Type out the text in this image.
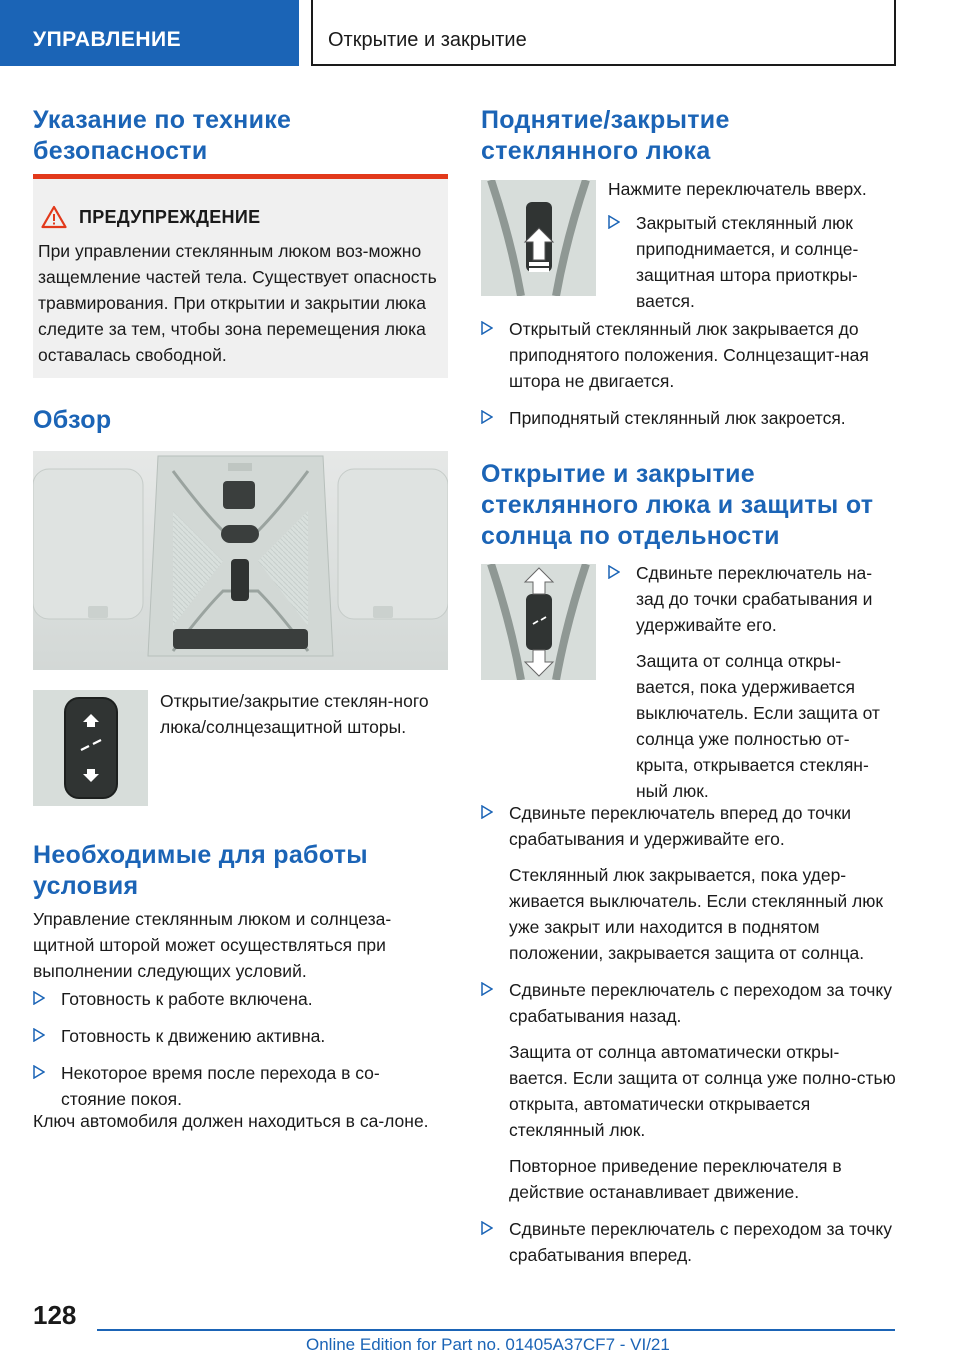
УПРАВЛЕНИЕ	Открытие и закрытие
Указание по технике безопасности
ПРЕДУПРЕЖДЕНИЕ
При управлении стеклянным люком воз-можно защемление частей тела. Существует опасность травмирования. При открытии и закрытии люка следите за тем, чтобы зона перемещения люка оставалась свободной.
Обзор
Открытие/закрытие стеклян-ного люка/солнцезащитной шторы.
Необходимые для работы условия
Управление стеклянным люком и солнцеза-щитной шторой может осуществляться при выполнении следующих условий.
Готовность к работе включена.
Готовность к движению активна.
Некоторое время после перехода в со-стояние покоя.
Ключ автомобиля должен находиться в са-лоне.
Поднятие/закрытие стеклянного люка
Нажмите переключатель вверх.
Закрытый стеклянный люк приподнимается, и солнце-защитная штора приоткры-вается.
Открытый стеклянный люк закрывается до приподнятого положения. Солнцезащит-ная штора не двигается.
Приподнятый стеклянный люк закроется.
Открытие и закрытие стеклянного люка и защиты от солнца по отдельности
Сдвиньте переключатель на-зад до точки срабатывания и удерживайте его.
Защита от солнца откры-вается, пока удерживается выключатель. Если защита от солнца уже полностью от-крыта, открывается стеклян-ный люк.
Сдвиньте переключатель вперед до точки срабатывания и удерживайте его.
Стеклянный люк закрывается, пока удер-живается выключатель. Если стеклянный люк уже закрыт или находится в поднятом положении, закрывается защита от солнца.
Сдвиньте переключатель с переходом за точку срабатывания назад.
Защита от солнца автоматически откры-вается. Если защита от солнца уже полно-стью открыта, автоматически открывается стеклянный люк.
Повторное приведение переключателя в действие останавливает движение.
Сдвиньте переключатель с переходом за точку срабатывания вперед.
128
Online Edition for Part no. 01405A37CF7 - VI/21
